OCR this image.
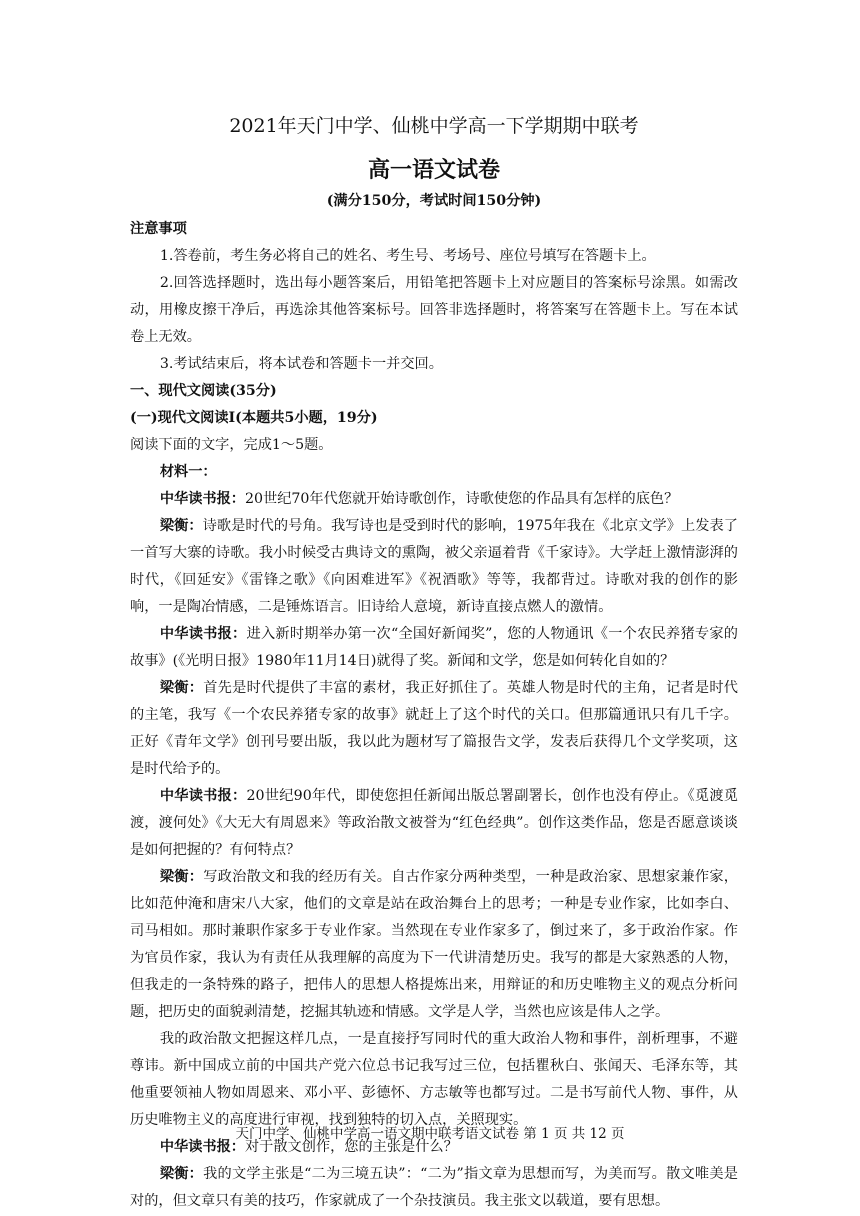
2021年天门中学、仙桃中学高一下学期期中联考
高一语文试卷
(满分150分，考试时间150分钟)
注意事项

1.答卷前，考生务必将自己的姓名、考生号、考场号、座位号填写在答题卡上。

2.回答选择题时，选出每小题答案后，用铅笔把答题卡上对应题目的答案标号涂黑。如需改动，用橡皮擦干净后，再选涂其他答案标号。回答非选择题时，将答案写在答题卡上。写在本试卷上无效。

3.考试结束后，将本试卷和答题卡一并交回。

一、现代文阅读(35分)
(一)现代文阅读Ⅰ(本题共5小题，19分)

阅读下面的文字，完成1～5题。

材料一：

中华读书报：20世纪70年代您就开始诗歌创作，诗歌使您的作品具有怎样的底色？

梁衡：诗歌是时代的号角。我写诗也是受到时代的影响，1975年我在《北京文学》上发表了一首写大寨的诗歌。我小时候受古典诗文的熏陶，被父亲逼着背《千家诗》。大学赶上激情澎湃的时代，《回延安》《雷锋之歌》《向困难进军》《祝酒歌》等等，我都背过。诗歌对我的创作的影响，一是陶冶情感，二是锤炼语言。旧诗给人意境，新诗直接点燃人的激情。

中华读书报：进入新时期举办第一次“全国好新闻奖”，您的人物通讯《一个农民养猪专家的故事》(《光明日报》1980年11月14日)就得了奖。新闻和文学，您是如何转化自如的？

梁衡：首先是时代提供了丰富的素材，我正好抓住了。英雄人物是时代的主角，记者是时代的主笔，我写《一个农民养猪专家的故事》就赶上了这个时代的关口。但那篇通讯只有几千字。正好《青年文学》创刊号要出版，我以此为题材写了篇报告文学，发表后获得几个文学奖项，这是时代给予的。

中华读书报：20世纪90年代，即使您担任新闻出版总署副署长，创作也没有停止。《觅渡觅渡，渡何处》《大无大有周恩来》等政治散文被誉为“红色经典”。创作这类作品，您是否愿意谈谈是如何把握的？有何特点？

梁衡：写政治散文和我的经历有关。自古作家分两种类型，一种是政治家、思想家兼作家，比如范仲淹和唐宋八大家，他们的文章是站在政治舞台上的思考；一种是专业作家，比如李白、司马相如。那时兼职作家多于专业作家。当然现在专业作家多了，倒过来了，多于政治作家。作为官员作家，我认为有责任从我理解的高度为下一代讲清楚历史。我写的都是大家熟悉的人物，但我走的一条特殊的路子，把伟人的思想人格提炼出来，用辩证的和历史唯物主义的观点分析问题，把历史的面貌剥清楚，挖掘其轨迹和情感。文学是人学，当然也应该是伟人之学。

我的政治散文把握这样几点，一是直接抒写同时代的重大政治人物和事件，剖析理事，不避尊讳。新中国成立前的中国共产党六位总书记我写过三位，包括瞿秋白、张闻天、毛泽东等，其他重要领袖人物如周恩来、邓小平、彭德怀、方志敏等也都写过。二是书写前代人物、事件，从历史唯物主义的高度进行审视，找到独特的切入点，关照现实。

中华读书报：对于散文创作，您的主张是什么？

梁衡：我的文学主张是“二为三境五诀”：“二为”指文章为思想而写，为美而写。散文唯美是对的，但文章只有美的技巧，作家就成了一个杂技演员。我主张文以载道，要有思想。

天门中学、仙桃中学高一语文期中联考语文试卷 第 1 页 共 12 页
